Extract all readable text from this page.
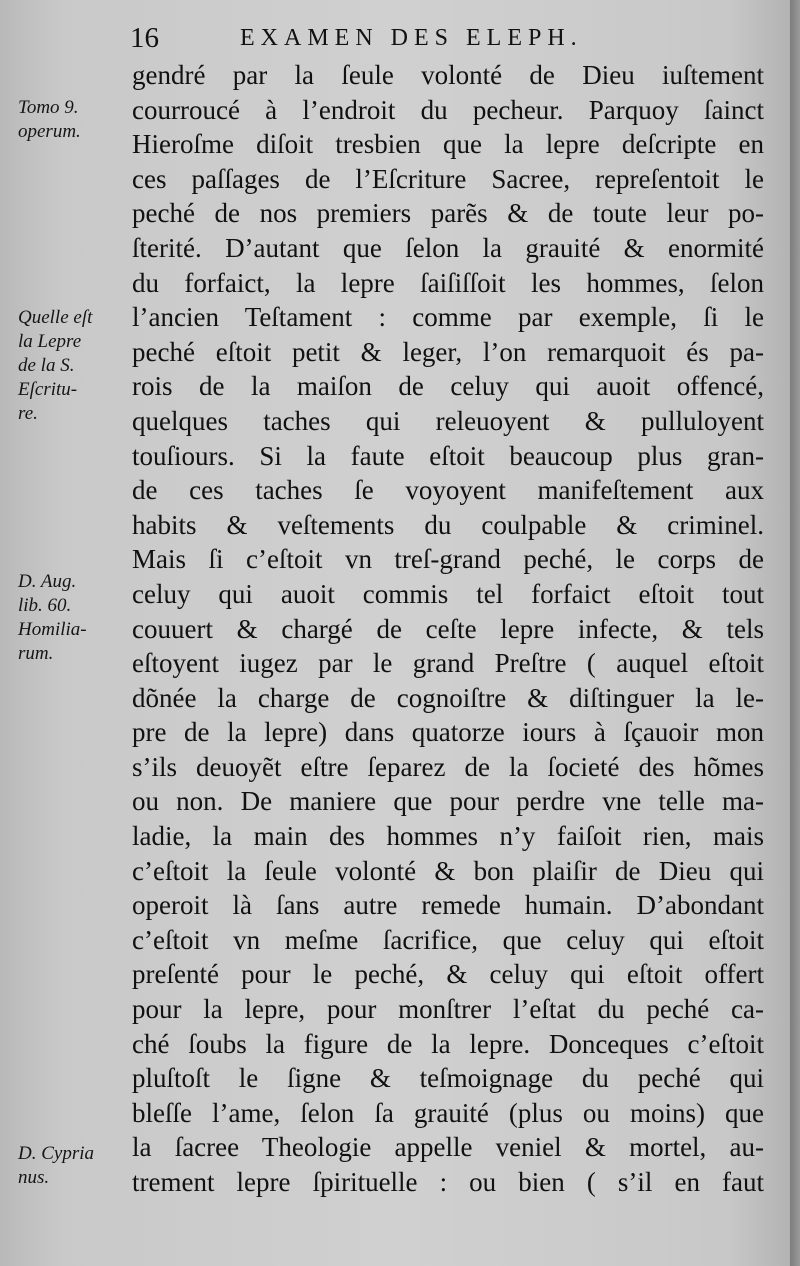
16	EXAMEN DES ELEPH.
gendré par la ſeule volonté de Dieu iuſtement
courroucé à l’endroit du pecheur. Parquoy ſainct
Hieroſme diſoit tresbien que la lepre deſcripte en
ces paſſages de l’Eſcriture Sacree, repreſentoit le
peché de nos premiers parẽs & de toute leur po-
ſterité. D’autant que ſelon la grauité & enormité
du forfaict, la lepre ſaiſiſſoit les hommes, ſelon
l’ancien Teſtament : comme par exemple, ſi le
peché eſtoit petit & leger, l’on remarquoit és pa-
rois de la maiſon de celuy qui auoit offencé,
quelques taches qui releuoyent & pulluloyent
touſiours. Si la faute eſtoit beaucoup plus gran-
de ces taches ſe voyoyent manifeſtement aux
habits & veſtements du coulpable & criminel.
Mais ſi c’eſtoit vn treſ-grand peché, le corps de
celuy qui auoit commis tel forfaict eſtoit tout
couuert & chargé de ceſte lepre infecte, & tels
eſtoyent iugez par le grand Preſtre ( auquel eſtoit
dõnée la charge de cognoiſtre & diſtinguer la le-
pre de la lepre) dans quatorze iours à ſçauoir mon
s’ils deuoyẽt eſtre ſeparez de la ſocieté des hõmes
ou non. De maniere que pour perdre vne telle ma-
ladie, la main des hommes n’y faiſoit rien, mais
c’eſtoit la ſeule volonté & bon plaiſir de Dieu qui
operoit là ſans autre remede humain. D’abondant
c’eſtoit vn meſme ſacrifice, que celuy qui eſtoit
preſenté pour le peché, & celuy qui eſtoit offert
pour la lepre, pour monſtrer l’eſtat du peché ca-
ché ſoubs la figure de la lepre. Donceques c’eſtoit
pluſtoſt le ſigne & teſmoignage du peché qui
bleſſe l’ame, ſelon ſa grauité (plus ou moins) que
la ſacree Theologie appelle veniel & mortel, au-
trement lepre ſpirituelle : ou bien ( s’il en faut
Tomo 9.
operum.
Quelle eſt
la Lepre
de la S.
Eſcritu-
re.
D. Aug.
lib. 60.
Homilia-
rum.
D. Cypria
nus.
